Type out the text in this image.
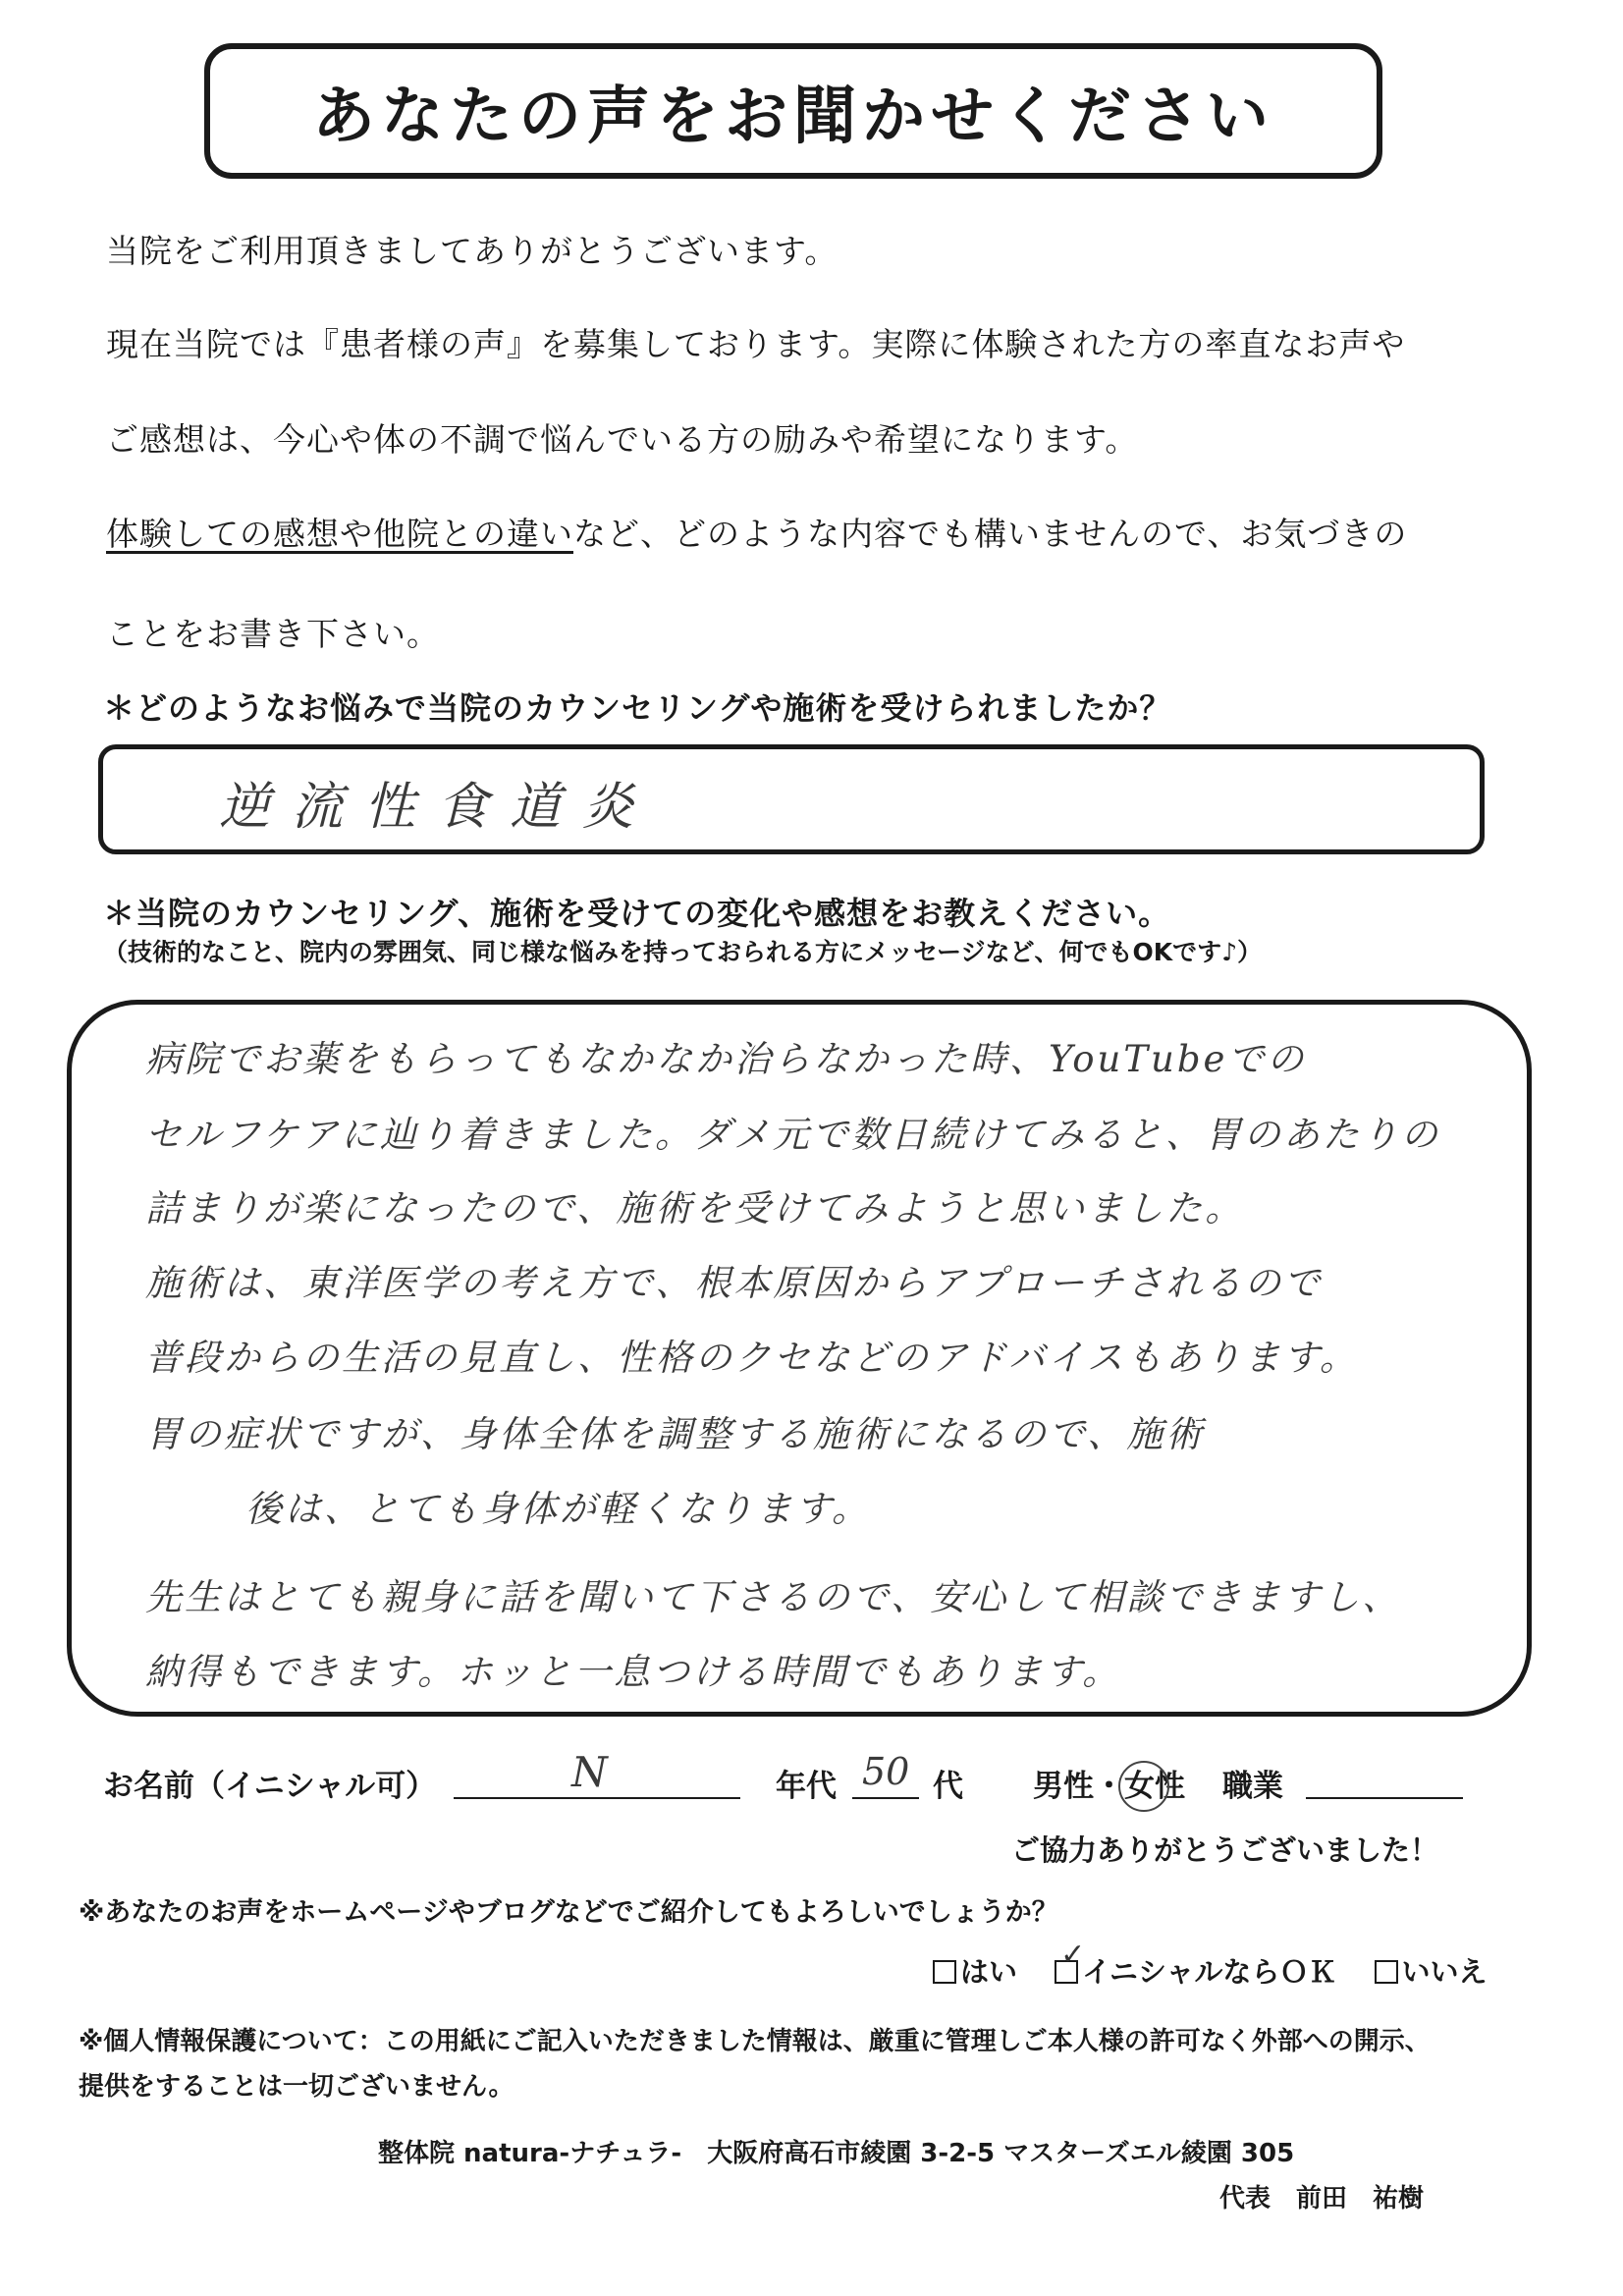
あなたの声をお聞かせください
当院をご利用頂きましてありがとうございます。
現在当院では『患者様の声』を募集しております。実際に体験された方の率直なお声や
ご感想は、今心や体の不調で悩んでいる方の励みや希望になります。
体験しての感想や他院との違いなど、どのような内容でも構いませんので、お気づきの
ことをお書き下さい。
＊どのようなお悩みで当院のカウンセリングや施術を受けられましたか？
逆流性食道炎
＊当院のカウンセリング、施術を受けての変化や感想をお教えください。
（技術的なこと、院内の雰囲気、同じ様な悩みを持っておられる方にメッセージなど、何でもOKです♪）
病院でお薬をもらってもなかなか治らなかった時、YouTubeでの
セルフケアに辿り着きました。ダメ元で数日続けてみると、胃のあたりの
詰まりが楽になったので、施術を受けてみようと思いました。
施術は、東洋医学の考え方で、根本原因からアプローチされるので
普段からの生活の見直し、性格のクセなどのアドバイスもあります。
胃の症状ですが、身体全体を調整する施術になるので、施術
後は、とても身体が軽くなります。
先生はとても親身に話を聞いて下さるので、安心して相談できますし、
納得もできます。ホッと一息つける時間でもあります。
お名前（イニシャル可）	N	年代 50 代 男性・女性 職業
ご協力ありがとうございました！
※あなたのお声をホームページやブログなどでご紹介してもよろしいでしょうか？
はい ✓
イニシャルならＯＫ いいえ
※個人情報保護について：この用紙にご記入いただきました情報は、厳重に管理しご本人様の許可なく外部への開示、
提供をすることは一切ございません。
整体院 natura-ナチュラ-　大阪府高石市綾園 3-2-5 マスターズエル綾園 305
代表　前田　祐樹
